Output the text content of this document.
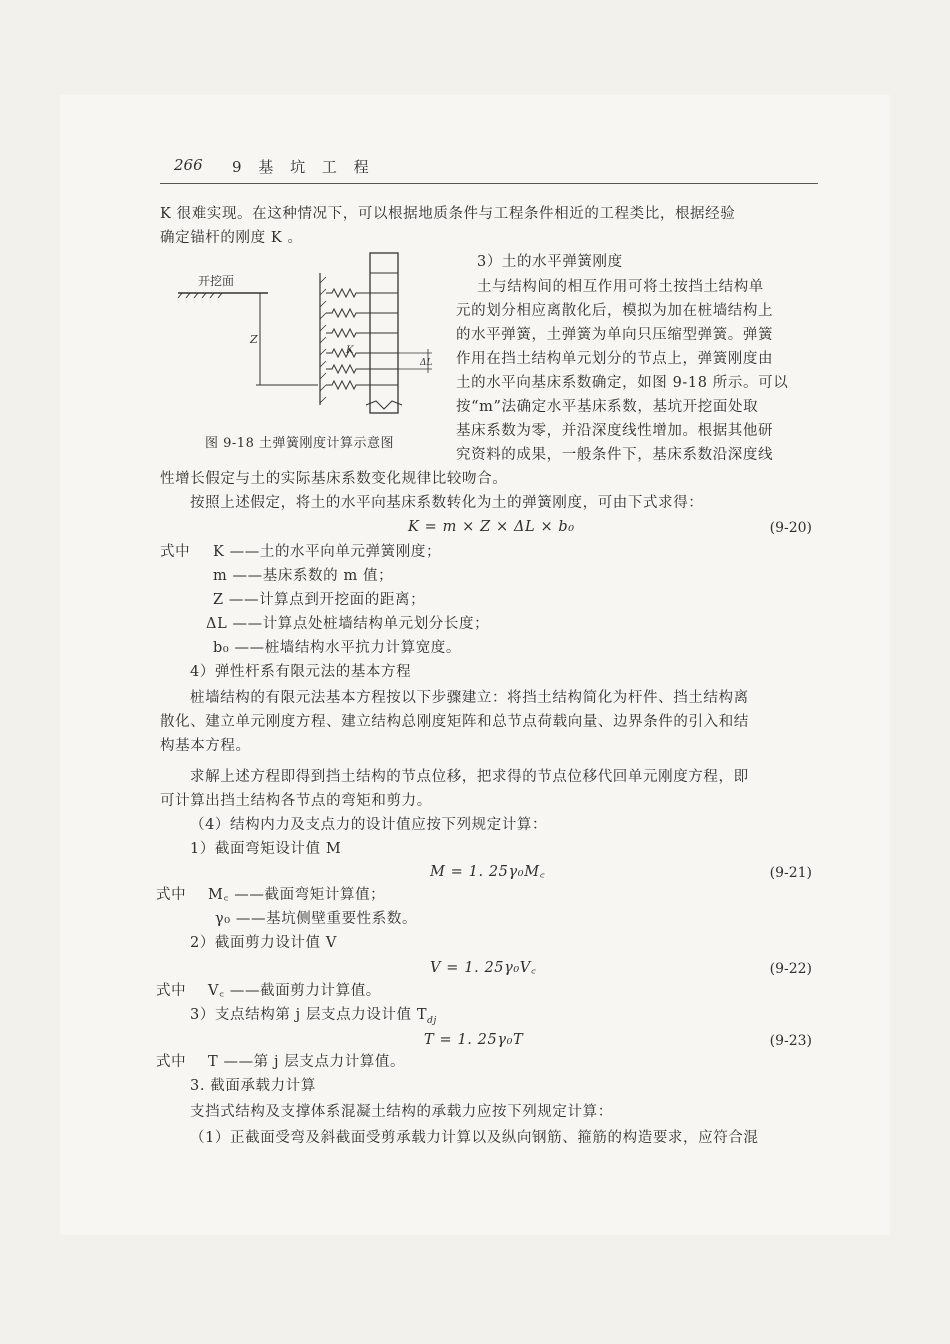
266 9 基 坑 工 程
K 很难实现。在这种情况下，可以根据地质条件与工程条件相近的工程类比，根据经验
确定锚杆的刚度 K 。
开挖面
Z
K
ΔL
图 9-18 土弹簧刚度计算示意图
3）土的水平弹簧刚度
土与结构间的相互作用可将土按挡土结构单
元的划分相应离散化后，模拟为加在桩墙结构上
的水平弹簧，土弹簧为单向只压缩型弹簧。弹簧
作用在挡土结构单元划分的节点上，弹簧刚度由
土的水平向基床系数确定，如图 9-18 所示。可以
按“m”法确定水平基床系数，基坑开挖面处取
基床系数为零，并沿深度线性增加。根据其他研
究资料的成果，一般条件下，基床系数沿深度线
性增长假定与土的实际基床系数变化规律比较吻合。
按照上述假定，将土的水平向基床系数转化为土的弹簧刚度，可由下式求得：
K = m × Z × ΔL × b₀	(9-20)
式中 K ——土的水平向单元弹簧刚度；
m ——基床系数的 m 值；
Z ——计算点到开挖面的距离；
ΔL ——计算点处桩墙结构单元划分长度；
b₀ ——桩墙结构水平抗力计算宽度。
4）弹性杆系有限元法的基本方程
桩墙结构的有限元法基本方程按以下步骤建立：将挡土结构简化为杆件、挡土结构离
散化、建立单元刚度方程、建立结构总刚度矩阵和总节点荷载向量、边界条件的引入和结
构基本方程。
求解上述方程即得到挡土结构的节点位移，把求得的节点位移代回单元刚度方程，即
可计算出挡土结构各节点的弯矩和剪力。
（4）结构内力及支点力的设计值应按下列规定计算：
1）截面弯矩设计值 M
M = 1. 25γ₀M꜀	(9-21)
式中 M꜀ ——截面弯矩计算值；
γ₀ ——基坑侧壁重要性系数。
2）截面剪力设计值 V
V = 1. 25γ₀V꜀	(9-22)
式中 V꜀ ——截面剪力计算值。
3）支点结构第 j 层支点力设计值 $T_{dj}$
T = 1. 25γ₀T	(9-23)
式中 T ——第 j 层支点力计算值。
3. 截面承载力计算
支挡式结构及支撑体系混凝土结构的承载力应按下列规定计算：
（1）正截面受弯及斜截面受剪承载力计算以及纵向钢筋、箍筋的构造要求，应符合混
